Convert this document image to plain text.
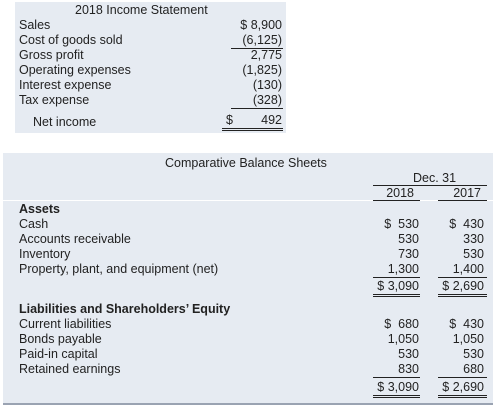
2018 Income Statement
Sales	$ 8,900
Cost of goods sold	(6,125)
Gross profit	2,775
Operating expenses	(1,825)
Interest expense	(130)
Tax expense	(328)
Net income	$ 492
Comparative Balance Sheets
Dec. 31
2018	2017
Assets
Cash	$  530 $  430
Accounts receivable	530	330
Inventory	730	530
Property, plant, and equipment (net)	1,300	1,400
$ 3,090 $ 2,690
Liabilities and Shareholders’ Equity
Current liabilities	$  680 $  430
Bonds payable	1,050	1,050
Paid-in capital	530	530
Retained earnings	830	680
$ 3,090 $ 2,690
